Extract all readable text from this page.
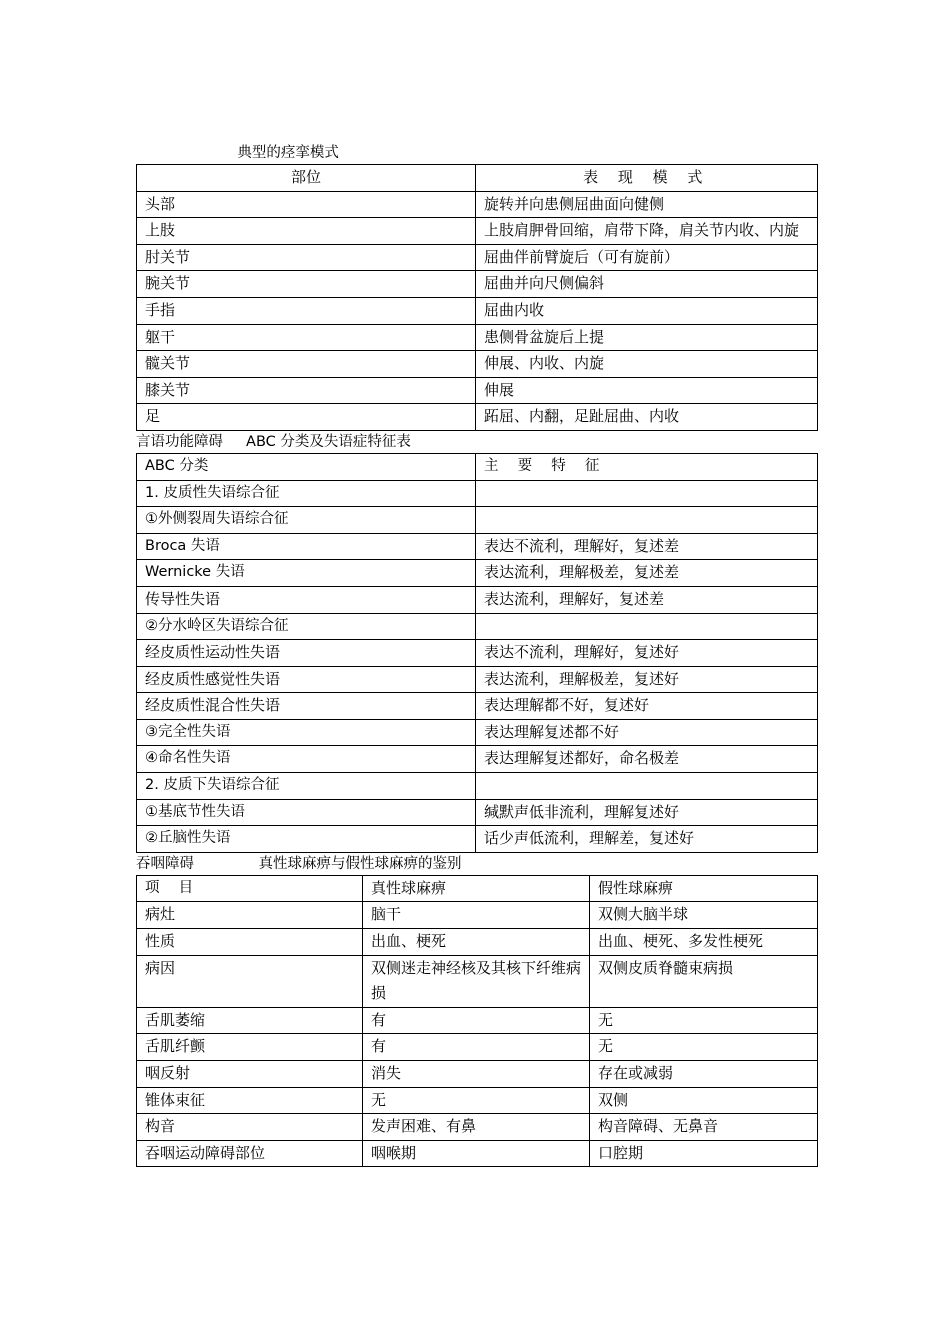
典型的痉挛模式
部位	表 现 模 式
头部	旋转并向患侧屈曲面向健侧
上肢	上肢肩胛骨回缩，肩带下降，肩关节内收、内旋
肘关节	屈曲伴前臂旋后（可有旋前）
腕关节	屈曲并向尺侧偏斜
手指	屈曲内收
躯干	患侧骨盆旋后上提
髋关节	伸展、内收、内旋
膝关节	伸展
足	跖屈、内翻，足趾屈曲、内收
言语功能障碍     ABC 分类及失语症特征表
ABC 分类	主 要 特 征
1. 皮质性失语综合征	
①外侧裂周失语综合征	
Broca 失语	表达不流利，理解好，复述差
Wernicke 失语	表达流利，理解极差，复述差
传导性失语	表达流利，理解好，复述差
②分水岭区失语综合征	
经皮质性运动性失语	表达不流利，理解好，复述好
经皮质性感觉性失语	表达流利，理解极差，复述好
经皮质性混合性失语	表达理解都不好，复述好
③完全性失语	表达理解复述都不好
④命名性失语	表达理解复述都好，命名极差
2. 皮质下失语综合征	
①基底节性失语	缄默声低非流利，理解复述好
②丘脑性失语	话少声低流利，理解差，复述好
吞咽障碍              真性球麻痹与假性球麻痹的鉴别
项 目	真性球麻痹	假性球麻痹
病灶	脑干	双侧大脑半球
性质	出血、梗死	出血、梗死、多发性梗死
病因	双侧迷走神经核及其核下纤维病损	双侧皮质脊髓束病损
舌肌萎缩	有	无
舌肌纤颤	有	无
咽反射	消失	存在或减弱
锥体束征	无	双侧
构音	发声困难、有鼻	构音障碍、无鼻音
吞咽运动障碍部位	咽喉期	口腔期
